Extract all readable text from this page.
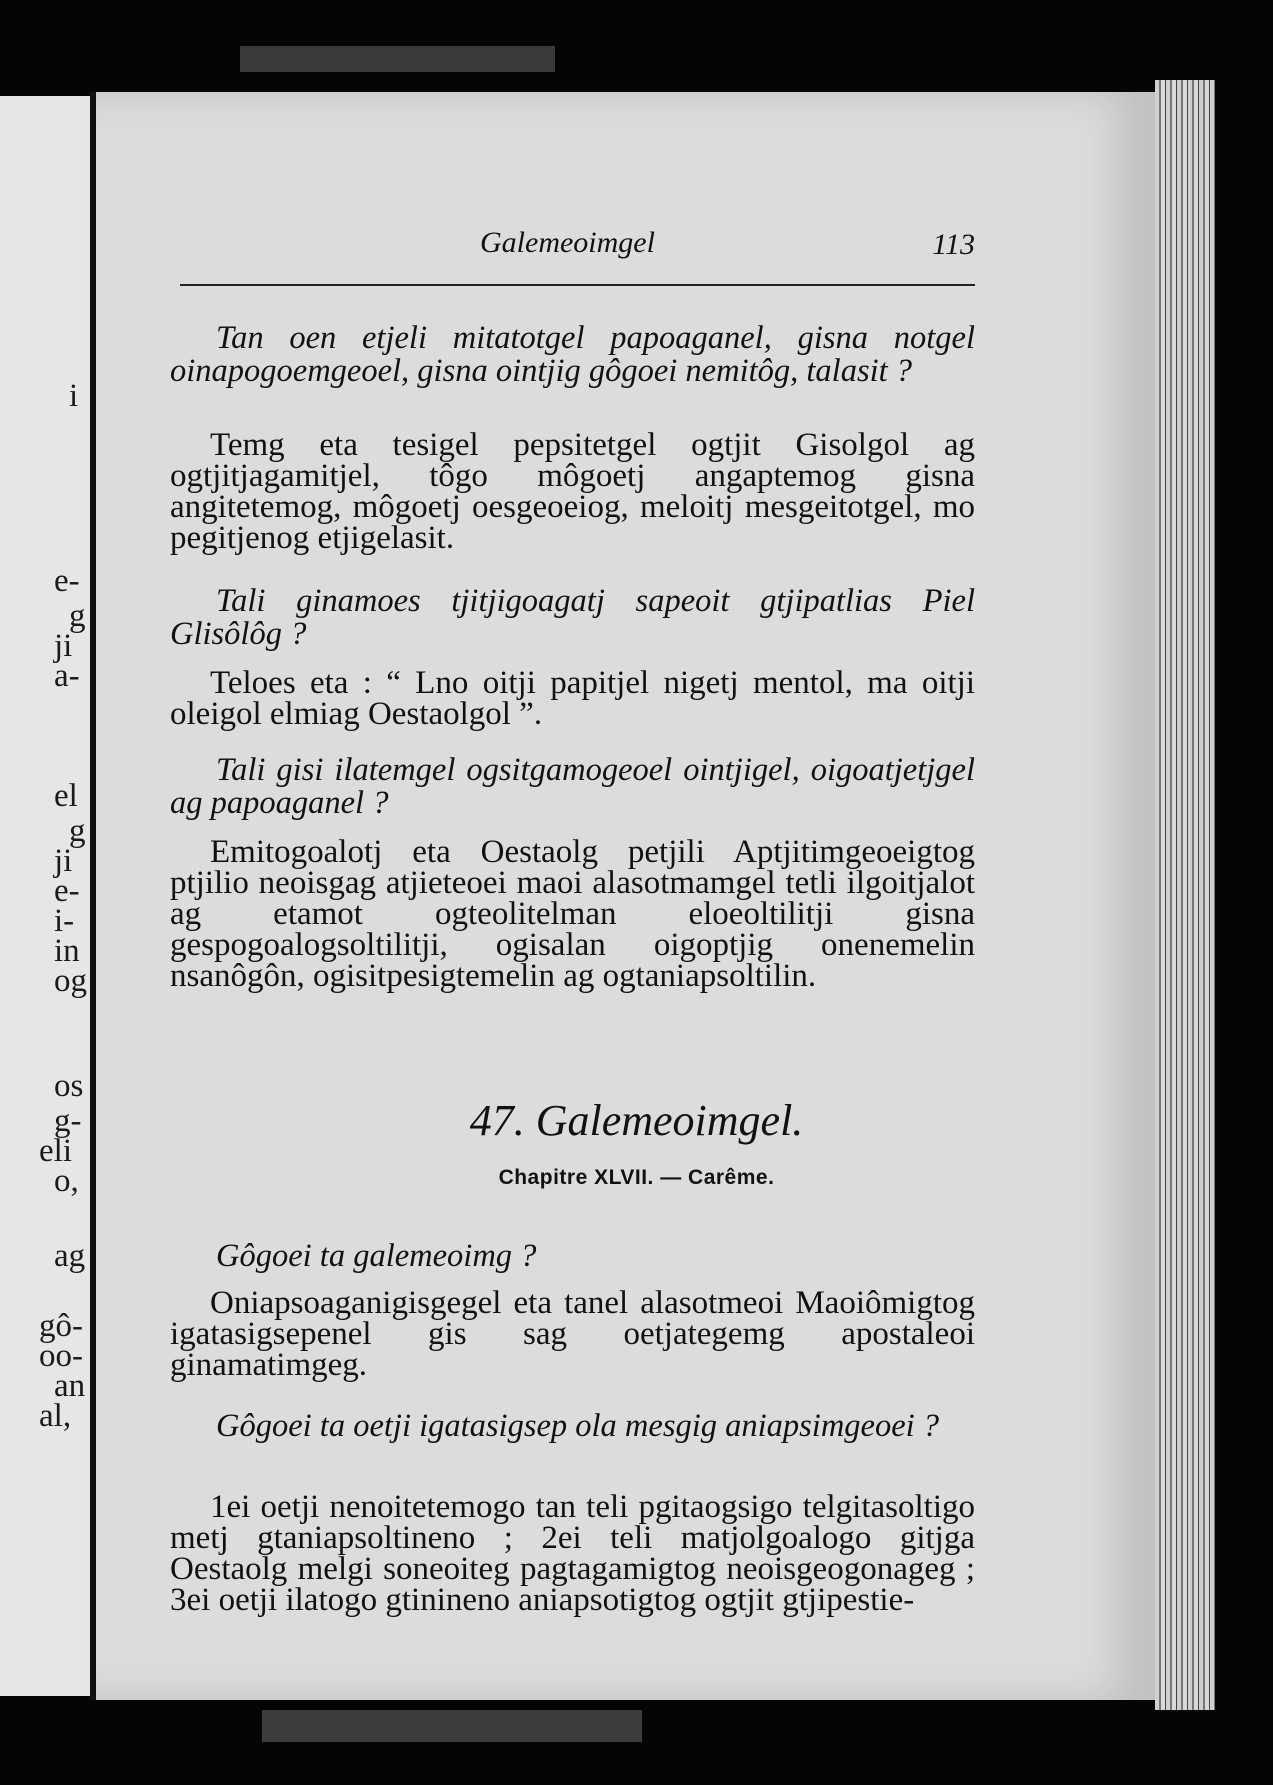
i
e-
g
ji
a-
el
g
ji
e-
i-
in
og
os
g-
eli
o,
ag
gô-
oo-
an
al,
Galemeoimgel	113
Tan oen etjeli mitatotgel papoaganel, gisna notgel oinapogoemgeoel, gisna ointjig gôgoei nemitôg, talasit ?
Temg eta tesigel pepsitetgel ogtjit Gisolgol ag ogtjitjagamitjel, tôgo môgoetj angaptemog gisna angitetemog, môgoetj oesgeoeiog, meloitj mesgeitotgel, mo pegitjenog etjigelasit.
Tali ginamoes tjitjigoagatj sapeoit gtjipatlias Piel Glisôlôg ?
Teloes eta : “ Lno oitji papitjel nigetj mentol, ma oitji oleigol elmiag Oestaolgol ”.
Tali gisi ilatemgel ogsitgamogeoel ointjigel, oigoatjetjgel ag papoaganel ?
Emitogoalotj eta Oestaolg petjili Aptjitimgeoeigtog ptjilio neoisgag atjieteoei maoi alasotmamgel tetli ilgoitjalot ag etamot ogteolitelman eloeoltilitji gisna gespogoalogsoltilitji, ogisalan oigoptjig onenemelin nsanôgôn, ogisitpesigtemelin ag ogtaniapsoltilin.
47. Galemeoimgel.
Chapitre XLVII. — Carême.
Gôgoei ta galemeoimg ?
Oniapsoaganigisgegel eta tanel alasotmeoi Maoiômigtog igatasigsepenel gis sag oetjategemg apostaleoi ginamatimgeg.
Gôgoei ta oetji igatasigsep ola mesgig aniapsimgeoei ?
1ei oetji nenoitetemogo tan teli pgitaogsigo telgitasoltigo metj gtaniapsoltineno ; 2ei teli matjolgoalogo gitjga Oestaolg melgi soneoiteg pagtagamigtog neoisgeogonageg ; 3ei oetji ilatogo gtinineno aniapsotigtog ogtjit gtjipestie-
